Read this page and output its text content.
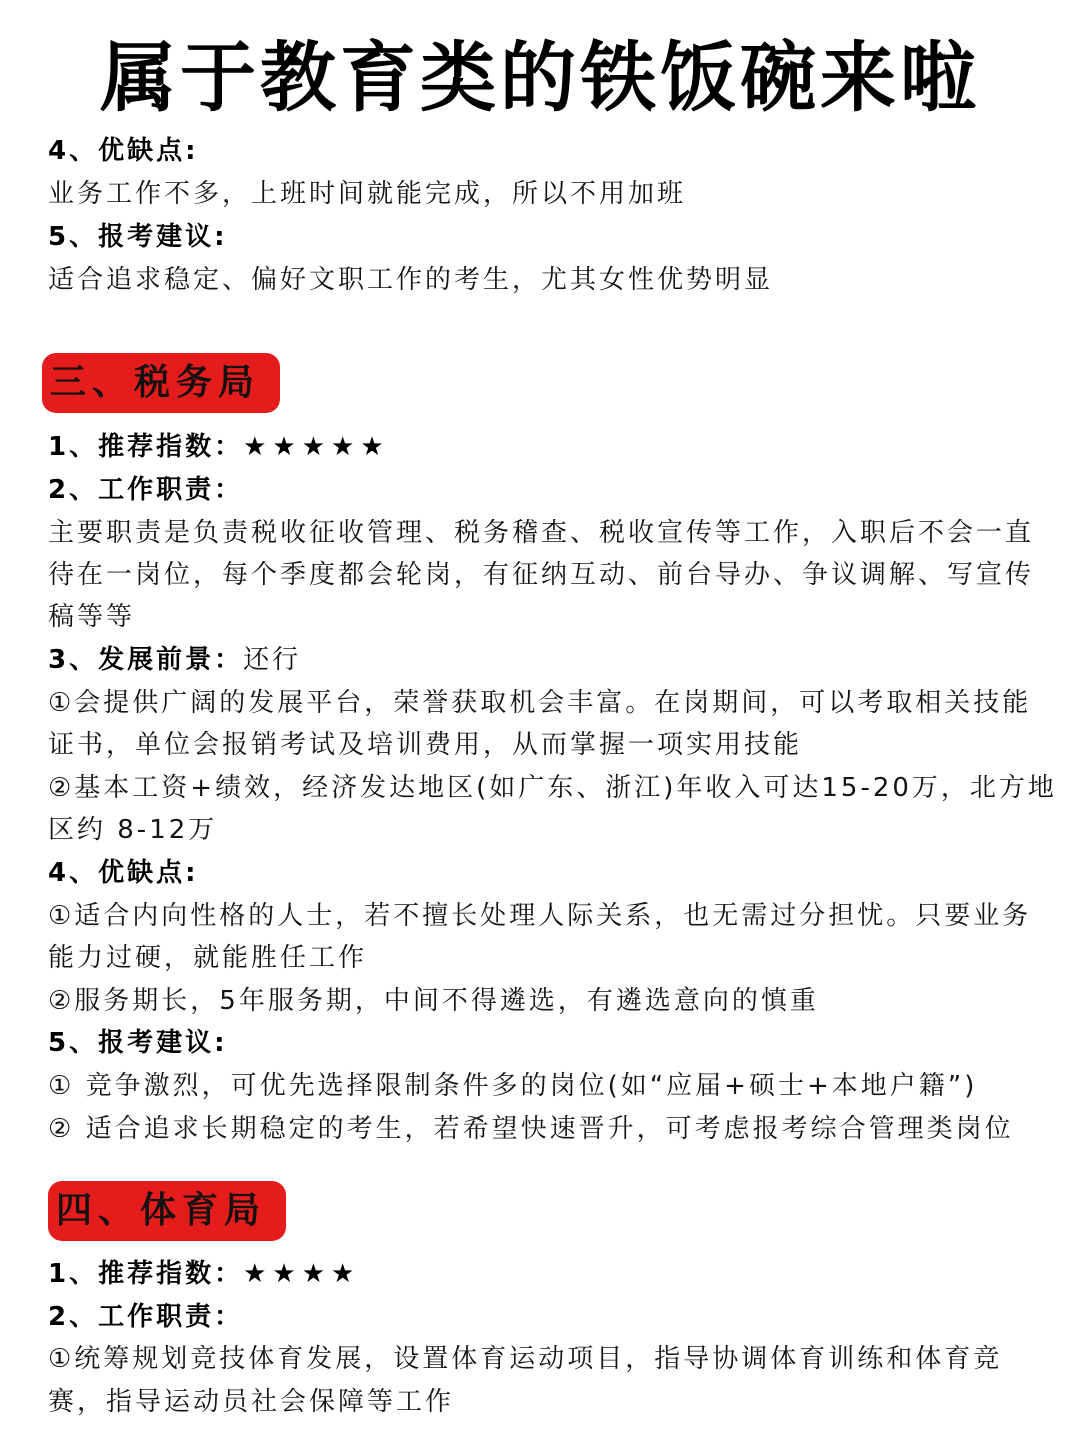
属于教育类的铁饭碗来啦
4、优缺点:
业务工作不多，上班时间就能完成，所以不用加班
5、报考建议:
适合追求稳定、偏好文职工作的考生，尤其女性优势明显
三、税务局
1、推荐指数：★★★★★
2、工作职责：
主要职责是负责税收征收管理、税务稽查、税收宣传等工作，入职后不会一直
待在一岗位，每个季度都会轮岗，有征纳互动、前台导办、争议调解、写宣传
稿等等
3、发展前景：还行
①会提供广阔的发展平台，荣誉获取机会丰富。在岗期间，可以考取相关技能
证书，单位会报销考试及培训费用，从而掌握一项实用技能
②基本工资+绩效，经济发达地区(如广东、浙江)年收入可达15-20万，北方地
区约 8-12万
4、优缺点:
①适合内向性格的人士，若不擅长处理人际关系，也无需过分担忧。只要业务
能力过硬，就能胜任工作
②服务期长，5年服务期，中间不得遴选，有遴选意向的慎重
5、报考建议:
① 竞争激烈，可优先选择限制条件多的岗位(如“应届+硕士+本地户籍”)
② 适合追求长期稳定的考生，若希望快速晋升，可考虑报考综合管理类岗位
四、体育局
1、推荐指数：★★★★
2、工作职责：
①统筹规划竞技体育发展，设置体育运动项目，指导协调体育训练和体育竞
赛，指导运动员社会保障等工作
